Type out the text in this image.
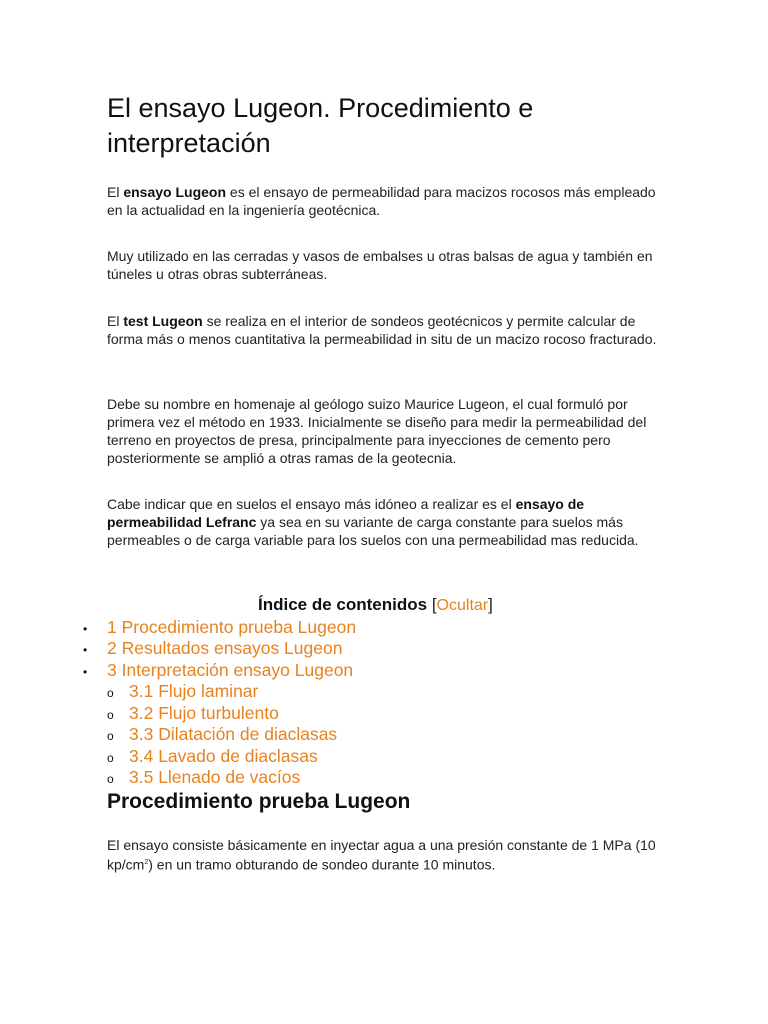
El ensayo Lugeon. Procedimiento e interpretación

El ensayo Lugeon es el ensayo de permeabilidad para macizos rocosos más empleado en la actualidad en la ingeniería geotécnica.

Muy utilizado en las cerradas y vasos de embalses u otras balsas de agua y también en túneles u otras obras subterráneas.

El test Lugeon se realiza en el interior de sondeos geotécnicos y permite calcular de forma más o menos cuantitativa la permeabilidad in situ de un macizo rocoso fracturado.

Debe su nombre en homenaje al geólogo suizo Maurice Lugeon, el cual formuló por primera vez el método en 1933. Inicialmente se diseño para medir la permeabilidad del terreno en proyectos de presa, principalmente para inyecciones de cemento pero posteriormente se amplió a otras ramas de la geotecnia.

Cabe indicar que en suelos el ensayo más idóneo a realizar es el ensayo de permeabilidad Lefranc ya sea en su variante de carga constante para suelos más permeables o de carga variable para los suelos con una permeabilidad mas reducida.

Índice de contenidos [Ocultar]
• 1 Procedimiento prueba Lugeon
• 2 Resultados ensayos Lugeon
• 3 Interpretación ensayo Lugeon
o 3.1 Flujo laminar
o 3.2 Flujo turbulento
o 3.3 Dilatación de diaclasas
o 3.4 Lavado de diaclasas
o 3.5 Llenado de vacíos
Procedimiento prueba Lugeon

El ensayo consiste básicamente en inyectar agua a una presión constante de 1 MPa (10 $kp/cm^2$) en un tramo obturando de sondeo durante 10 minutos.
